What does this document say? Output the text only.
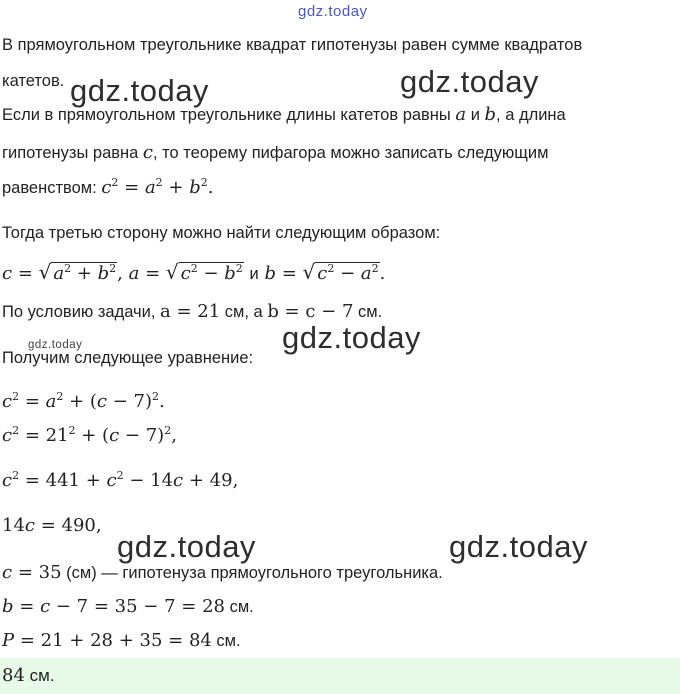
gdz.today
В прямоугольном треугольнике квадрат гипотенузы равен сумме квадратов
катетов.
Если в прямоугольном треугольнике длины катетов равны a и b, а длина
гипотенузы равна c, то теорему пифагора можно записать следующим
равенством: $c^2 = a^2 + b^2$.
Тогда третью сторону можно найти следующим образом:
c = √ $a^2 + b^2$, a = √ $c^2 - b^2$ и b = √ $c^2 - a^2$.
По условию задачи, a = 21 см, а b = c − 7 см.
Получим следующее уравнение:
$c^2 = a^2 + (c - 7)^2$.
$c^2 = 21^2 + (c - 7)^2$,
$c^2 = 441 + c^2 - 14c + 49$,
14c = 490,
c = 35 (см) — гипотенуза прямоугольного треугольника.
b = c − 7 = 35 − 7 = 28 см.
P = 21 + 28 + 35 = 84 см.
84 см.
gdz.today	gdz.today
gdz.today
gdz.today
gdz.today	gdz.today
